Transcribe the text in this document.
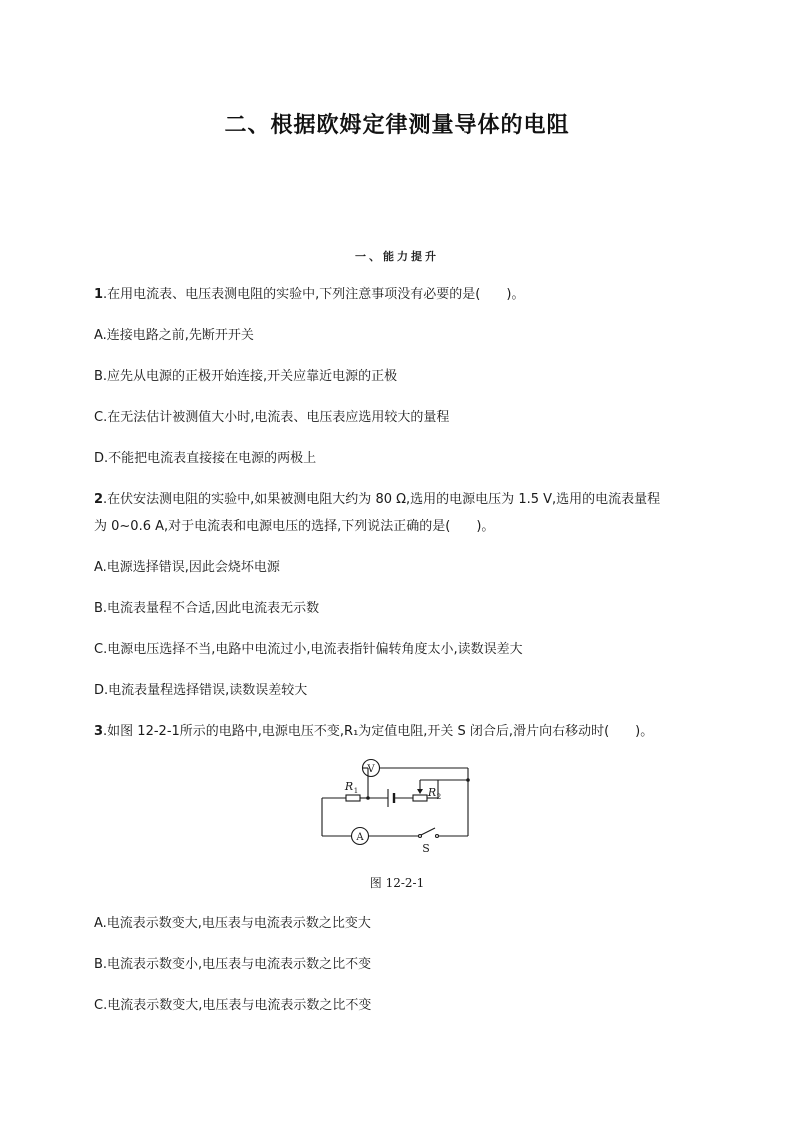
二、根据欧姆定律测量导体的电阻
一、能力提升
1.在用电流表、电压表测电阻的实验中,下列注意事项没有必要的是(　　)。
A.连接电路之前,先断开开关
B.应先从电源的正极开始连接,开关应靠近电源的正极
C.在无法估计被测值大小时,电流表、电压表应选用较大的量程
D.不能把电流表直接接在电源的两极上
2.在伏安法测电阻的实验中,如果被测电阻大约为 80 Ω,选用的电源电压为 1.5 V,选用的电流表量程
为 0~0.6 A,对于电流表和电源电压的选择,下列说法正确的是(　　)。
A.电源选择错误,因此会烧坏电源
B.电流表量程不合适,因此电流表无示数
C.电源电压选择不当,电路中电流过小,电流表指针偏转角度太小,读数误差大
D.电流表量程选择错误,读数误差较大
3.如图 12-2-1所示的电路中,电源电压不变,R₁为定值电阻,开关 S 闭合后,滑片向右移动时(　　)。
V
A
R 1	R 2
S
图 12-2-1
A.电流表示数变大,电压表与电流表示数之比变大
B.电流表示数变小,电压表与电流表示数之比不变
C.电流表示数变大,电压表与电流表示数之比不变
